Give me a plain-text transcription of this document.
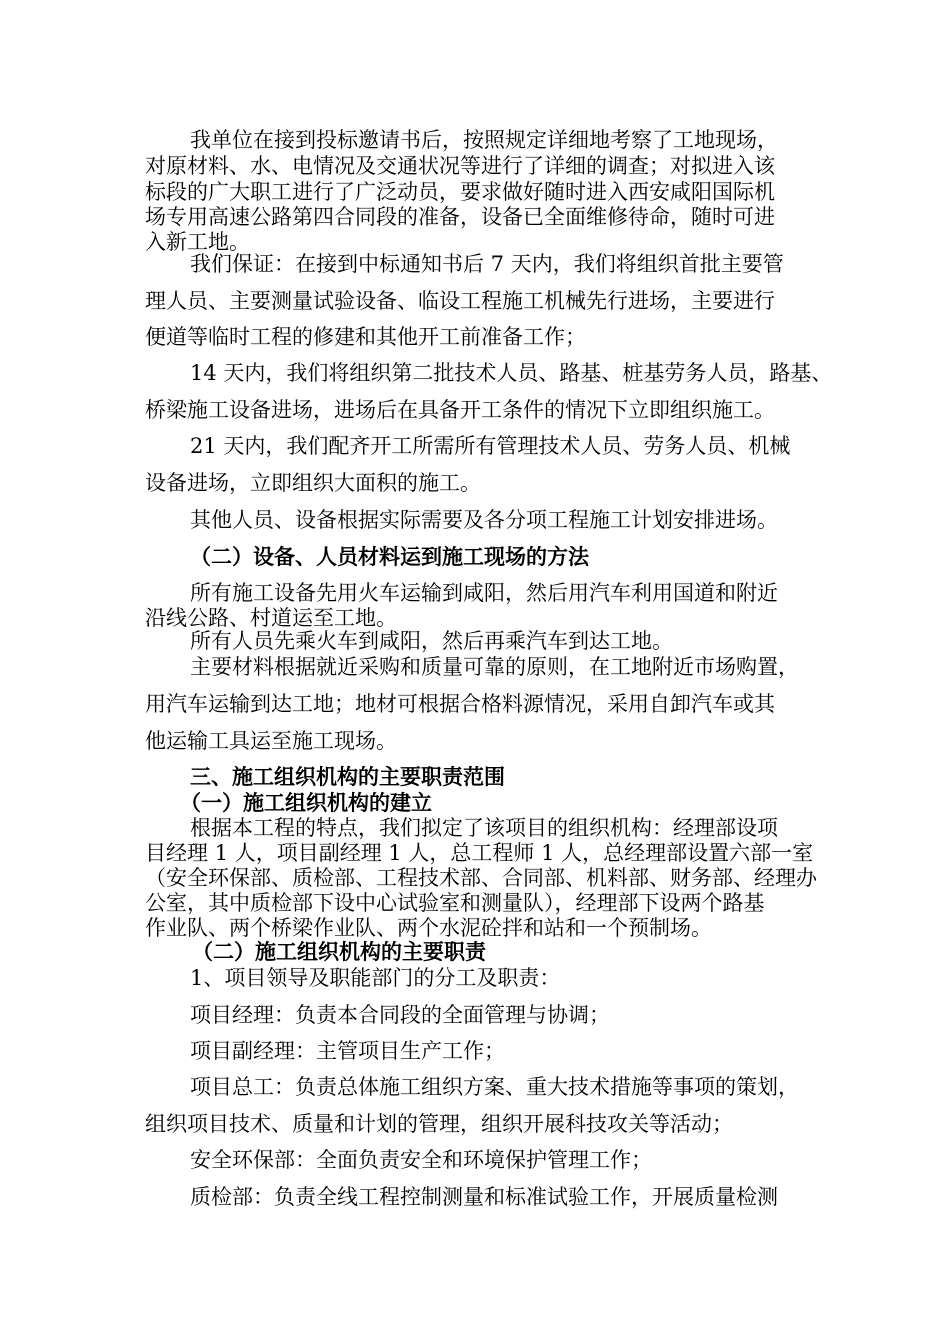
我单位在接到投标邀请书后，按照规定详细地考察了工地现场，
对原材料、水、电情况及交通状况等进行了详细的调查；对拟进入该
标段的广大职工进行了广泛动员，要求做好随时进入西安咸阳国际机
场专用高速公路第四合同段的准备，设备已全面维修待命，随时可进
入新工地。
我们保证：在接到中标通知书后 7 天内，我们将组织首批主要管
理人员、主要测量试验设备、临设工程施工机械先行进场，主要进行
便道等临时工程的修建和其他开工前准备工作；
14 天内，我们将组织第二批技术人员、路基、桩基劳务人员，路基、
桥梁施工设备进场，进场后在具备开工条件的情况下立即组织施工。
21 天内，我们配齐开工所需所有管理技术人员、劳务人员、机械
设备进场，立即组织大面积的施工。
其他人员、设备根据实际需要及各分项工程施工计划安排进场。
（二）设备、人员材料运到施工现场的方法
所有施工设备先用火车运输到咸阳，然后用汽车利用国道和附近
沿线公路、村道运至工地。
所有人员先乘火车到咸阳，然后再乘汽车到达工地。
主要材料根据就近采购和质量可靠的原则，在工地附近市场购置，
用汽车运输到达工地；地材可根据合格料源情况，采用自卸汽车或其
他运输工具运至施工现场。
三、施工组织机构的主要职责范围
（一）施工组织机构的建立
根据本工程的特点，我们拟定了该项目的组织机构：经理部设项
目经理 1 人，项目副经理 1 人，总工程师 1 人，总经理部设置六部一室
（安全环保部、质检部、工程技术部、合同部、机料部、财务部、经理办
公室，其中质检部下设中心试验室和测量队），经理部下设两个路基
作业队、两个桥梁作业队、两个水泥砼拌和站和一个预制场。
（二）施工组织机构的主要职责
1、项目领导及职能部门的分工及职责：
项目经理：负责本合同段的全面管理与协调；
项目副经理：主管项目生产工作；
项目总工：负责总体施工组织方案、重大技术措施等事项的策划，
组织项目技术、质量和计划的管理，组织开展科技攻关等活动；
安全环保部：全面负责安全和环境保护管理工作；
质检部：负责全线工程控制测量和标准试验工作，开展质量检测
